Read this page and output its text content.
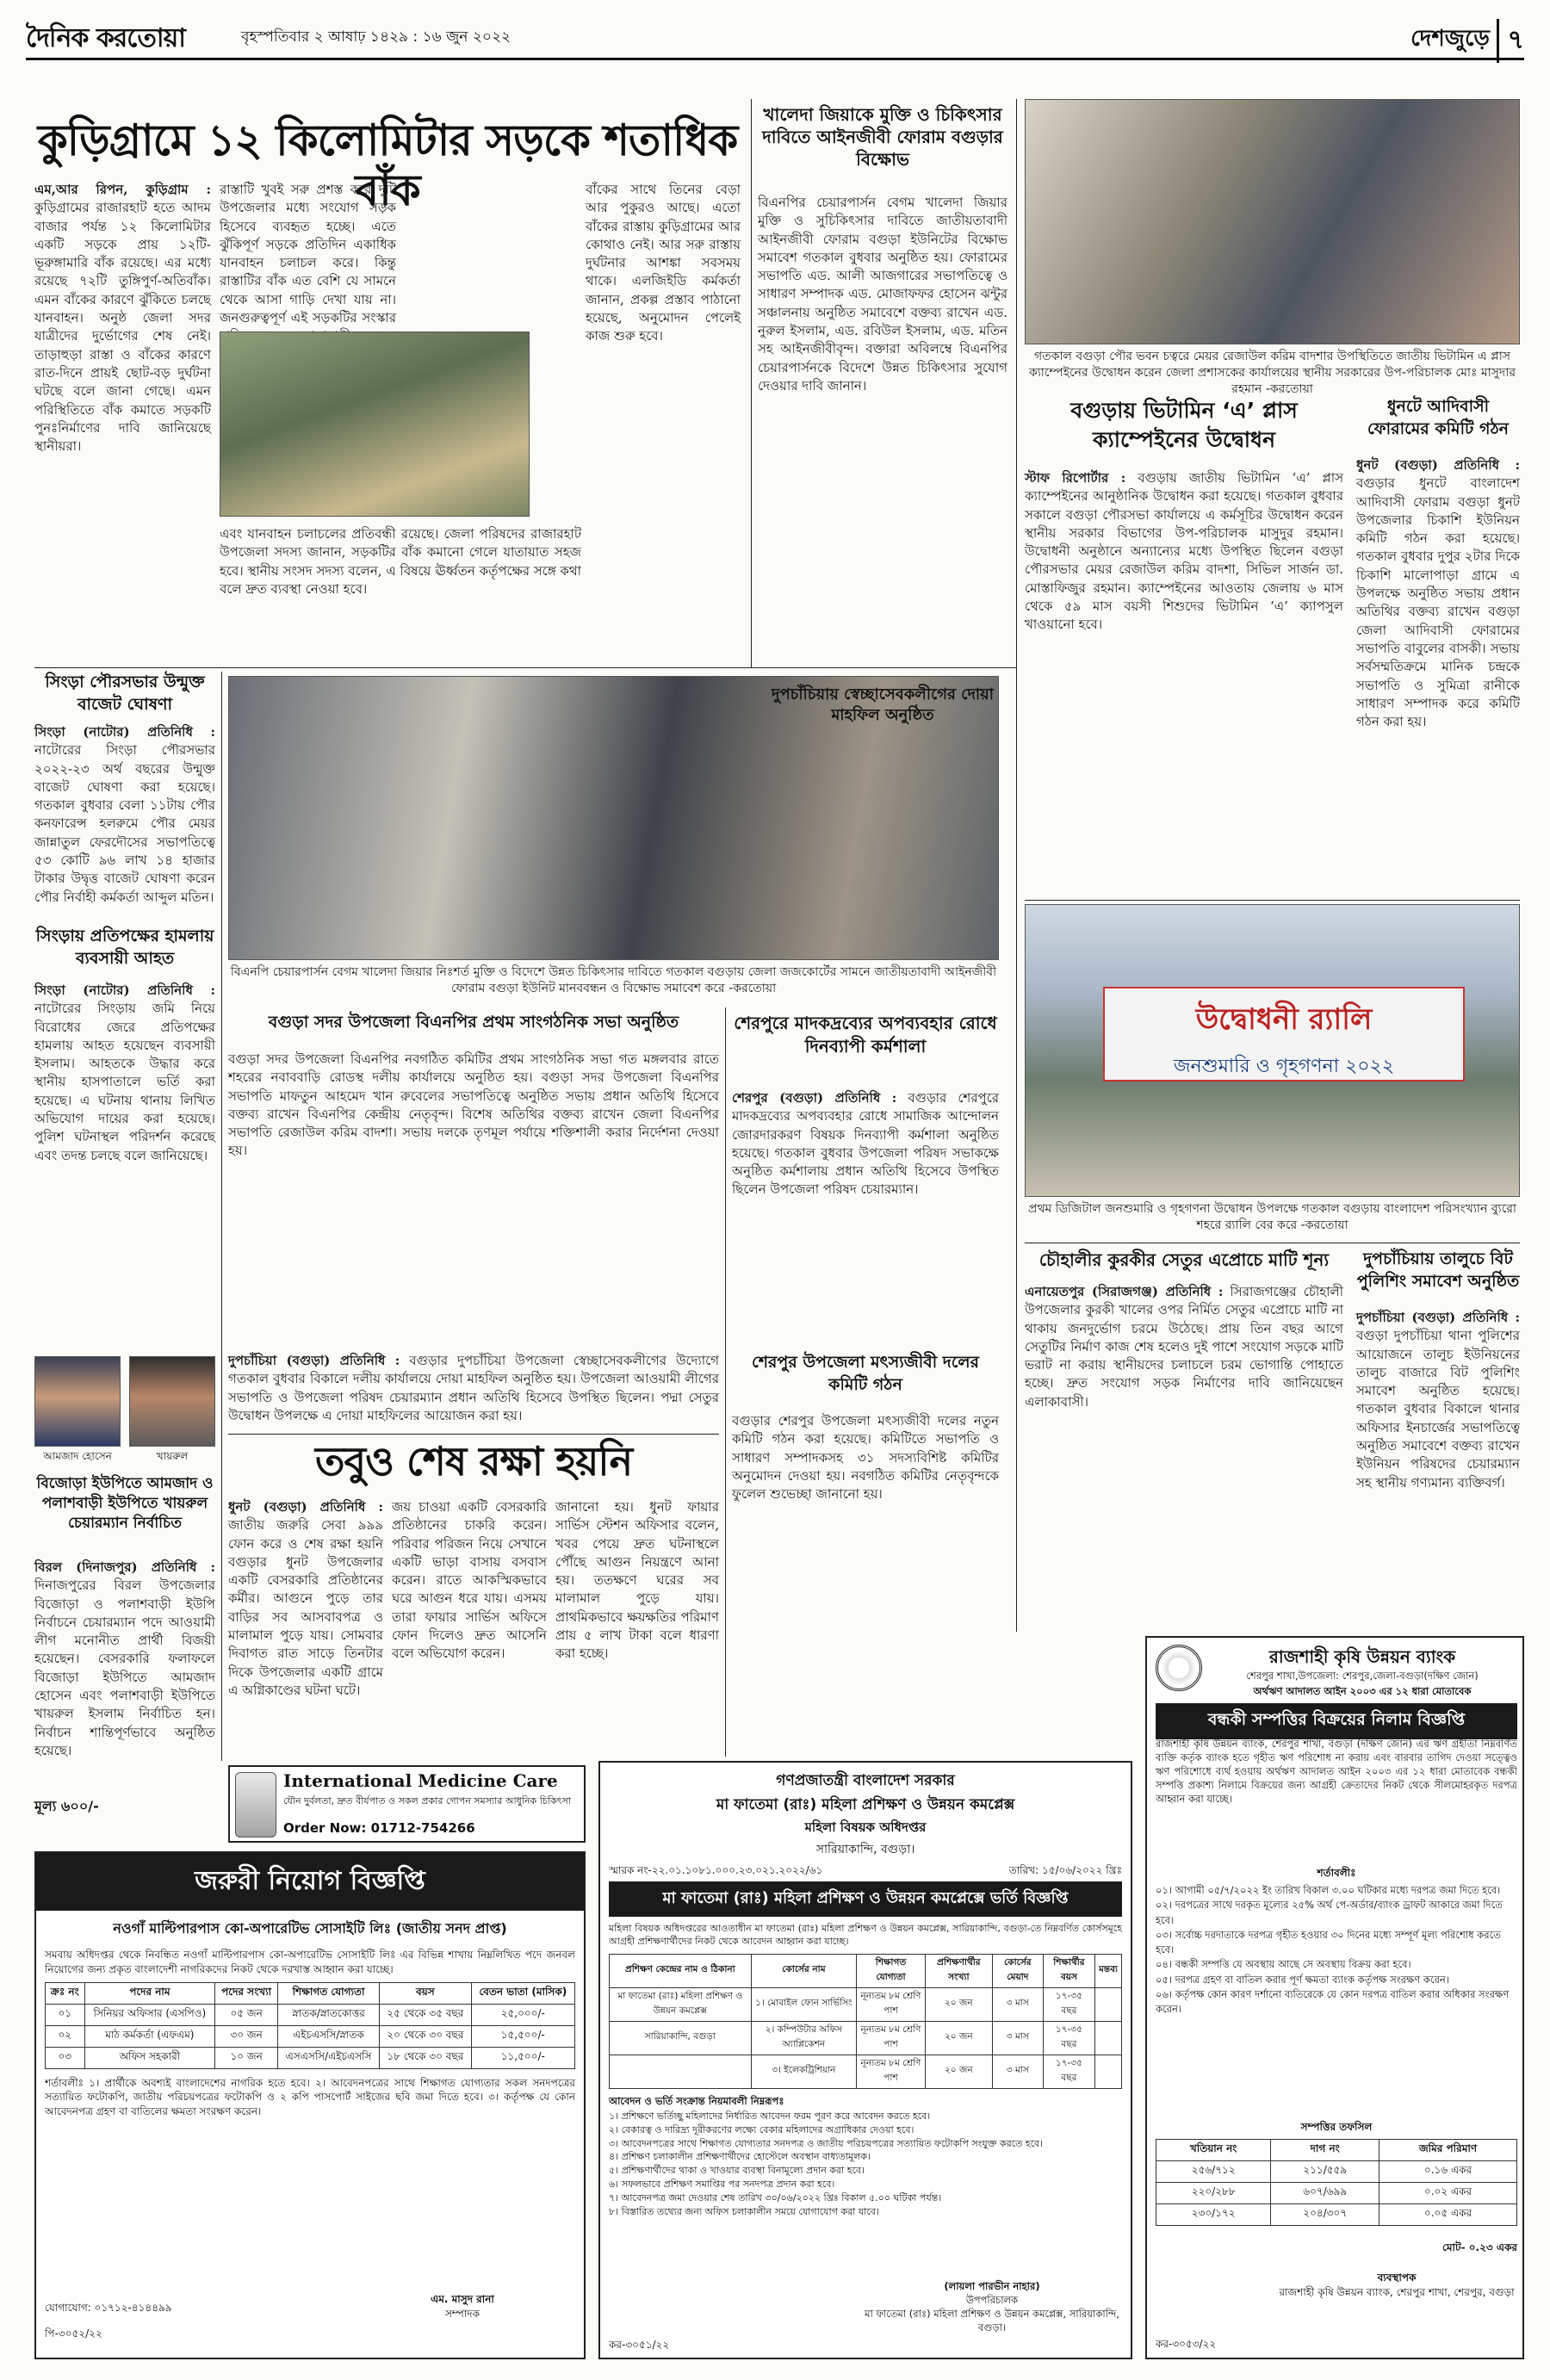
দৈনিক করতোয়া	বৃহস্পতিবার ২ আষাঢ় ১৪২৯ : ১৬ জুন ২০২২	দেশজুড়ে ৭
কুড়িগ্রামে ১২ কিলোমিটার সড়কে শতাধিক বাঁক

এম,আর রিপন, কুড়িগ্রাম : কুড়িগ্রামের রাজারহাট হতে আদম বাজার পর্যন্ত ১২ কিলোমিটার একটি সড়কে প্রায় ১২টি-ভূরুঙ্গামারি বাঁক রয়েছে। এর মধ্যে রয়েছে ৭২টি তুঙ্গিপুর্ণ-অতিবাঁক। এমন বাঁকের কারণে ঝুঁকিতে চলছে যানবাহন। অনুষ্ঠ জেলা সদর যাত্রীদের দুর্ভোগের শেষ নেই। তাড়াহুড়া রাস্তা ও বাঁকের কারণে রাত-দিনে প্রায়ই ছোট-বড় দুর্ঘটনা ঘটছে বলে জানা গেছে। এমন পরিস্থিতিতে বাঁক কমাতে সড়কটি পুনঃনির্মাণের দাবি জানিয়েছে স্থানীয়রা।

রাস্তাটি খুবই সরু প্রশস্ত করে দুটি উপজেলার মধ্যে সংযোগ সড়ক হিসেবে ব্যবহৃত হচ্ছে। এতে ঝুঁকিপূর্ণ সড়কে প্রতিদিন একাধিক যানবাহন চলাচল করে। কিন্তু রাস্তাটির বাঁক এত বেশি যে সামনে থেকে আসা গাড়ি দেখা যায় না। জনগুরুত্বপূর্ণ এই সড়কটির সংস্কার

এবং যানবাহন চলাচলের প্রতিবন্ধী রয়েছে। জেলা পরিষদের রাজারহাট উপজেলা সদস্য জানান, সড়কটির বাঁক কমানো গেলে যাতায়াত সহজ হবে। স্থানীয় সংসদ সদস্য বলেন, এ বিষয়ে ঊর্ধ্বতন কর্তৃপক্ষের সঙ্গে কথা বলে দ্রুত ব্যবস্থা নেওয়া হবে।

বাঁকের সাথে তিনের বেড়া আর পুকুরও আছে। এতো বাঁকের রাস্তায় কুড়িগ্রামের আর কোথাও নেই। আর সরু রাস্তায় দুর্ঘটনার আশঙ্কা সবসময় থাকে। এলজিইডি কর্মকর্তা জানান, প্রকল্প প্রস্তাব পাঠানো হয়েছে, অনুমোদন পেলেই কাজ শুরু হবে।

খালেদা জিয়াকে মুক্তি ও চিকিৎসার দাবিতে আইনজীবী ফোরাম বগুড়ার বিক্ষোভ

বিএনপির চেয়ারপার্সন বেগম খালেদা জিয়ার মুক্তি ও সুচিকিৎসার দাবিতে জাতীয়তাবাদী আইনজীবী ফোরাম বগুড়া ইউনিটের বিক্ষোভ সমাবেশ গতকাল বুধবার অনুষ্ঠিত হয়। ফোরামের সভাপতি এড. আলী আজগারের সভাপতিত্বে ও সাধারণ সম্পাদক এড. মোজাফফর হোসেন ঝন্টুর সঞ্চালনায় অনুষ্ঠিত সমাবেশে বক্তব্য রাখেন এড. নুরুল ইসলাম, এড. রবিউল ইসলাম, এড. মতিন সহ আইনজীবীবৃন্দ। বক্তারা অবিলম্বে বিএনপির চেয়ারপার্সনকে বিদেশে উন্নত চিকিৎসার সুযোগ দেওয়ার দাবি জানান।

গতকাল বগুড়া পৌর ভবন চত্বরে মেয়র রেজাউল করিম বাদশার উপস্থিতিতে জাতীয় ভিটামিন এ প্লাস ক্যাম্পেইনের উদ্বোধন করেন জেলা প্রশাসকের কার্যালয়ের স্থানীয় সরকারের উপ-পরিচালক মোঃ মাসুদার রহমান -করতোয়া
বগুড়ায় ভিটামিন ‘এ’ প্লাস ক্যাম্পেইনের উদ্বোধন

স্টাফ রিপোর্টার : বগুড়ায় জাতীয় ভিটামিন ‘এ’ প্লাস ক্যাম্পেইনের আনুষ্ঠানিক উদ্বোধন করা হয়েছে। গতকাল বুধবার সকালে বগুড়া পৌরসভা কার্যালয়ে এ কর্মসূচির উদ্বোধন করেন স্থানীয় সরকার বিভাগের উপ-পরিচালক মাসুদুর রহমান। উদ্বোধনী অনুষ্ঠানে অন্যান্যের মধ্যে উপস্থিত ছিলেন বগুড়া পৌরসভার মেয়র রেজাউল করিম বাদশা, সিভিল সার্জন ডা. মোস্তাফিজুর রহমান। ক্যাম্পেইনের আওতায় জেলায় ৬ মাস থেকে ৫৯ মাস বয়সী শিশুদের ভিটামিন ‘এ’ ক্যাপসুল খাওয়ানো হবে।

ধুনটে আদিবাসী ফোরামের কমিটি গঠন

ধুনট (বগুড়া) প্রতিনিধি : বগুড়ার ধুনটে বাংলাদেশ আদিবাসী ফোরাম বগুড়া ধুনট উপজেলার চিকাশি ইউনিয়ন কমিটি গঠন করা হয়েছে। গতকাল বুধবার দুপুর ২টার দিকে চিকাশি মালোপাড়া গ্রামে এ উপলক্ষে অনুষ্ঠিত সভায় প্রধান অতিথির বক্তব্য রাখেন বগুড়া জেলা আদিবাসী ফোরামের সভাপতি বাবুলের বাসকী। সভায় সর্বসম্মতিক্রমে মানিক চন্দ্রকে সভাপতি ও সুমিত্রা রানীকে সাধারণ সম্পাদক করে কমিটি গঠন করা হয়।

সিংড়া পৌরসভার উন্মুক্ত বাজেট ঘোষণা

সিংড়া (নাটোর) প্রতিনিধি : নাটোরের সিংড়া পৌরসভার ২০২২-২৩ অর্থ বছরের উন্মুক্ত বাজেট ঘোষণা করা হয়েছে। গতকাল বুধবার বেলা ১১টায় পৌর কনফারেন্স হলরুমে পৌর মেয়র জান্নাতুল ফেরদৌসের সভাপতিত্বে ৫৩ কোটি ৯৬ লাখ ১৪ হাজার টাকার উদ্বৃত্ত বাজেট ঘোষণা করেন পৌর নির্বাহী কর্মকর্তা আব্দুল মতিন।

বিএনপি চেয়ারপার্সন বেগম খালেদা জিয়ার নিঃশর্ত মুক্তি ও বিদেশে উন্নত চিকিৎসার দাবিতে গতকাল বগুড়ায় জেলা জজকোর্টের সামনে জাতীয়তাবাদী আইনজীবী ফোরাম বগুড়া ইউনিট মানববন্ধন ও বিক্ষোভ সমাবেশ করে -করতোয়া
সিংড়ায় প্রতিপক্ষের হামলায় ব্যবসায়ী আহত

সিংড়া (নাটোর) প্রতিনিধি : নাটোরের সিংড়ায় জমি নিয়ে বিরোধের জেরে প্রতিপক্ষের হামলায় আহত হয়েছেন ব্যবসায়ী ইসলাম। আহতকে উদ্ধার করে স্থানীয় হাসপাতালে ভর্তি করা হয়েছে। এ ঘটনায় থানায় লিখিত অভিযোগ দায়ের করা হয়েছে। পুলিশ ঘটনাস্থল পরিদর্শন করেছে এবং তদন্ত চলছে বলে জানিয়েছে।

বগুড়া সদর উপজেলা বিএনপির প্রথম সাংগঠনিক সভা অনুষ্ঠিত

বগুড়া সদর উপজেলা বিএনপির নবগঠিত কমিটির প্রথম সাংগঠনিক সভা গত মঙ্গলবার রাতে শহরের নবাববাড়ি রোডস্থ দলীয় কার্যালয়ে অনুষ্ঠিত হয়। বগুড়া সদর উপজেলা বিএনপির সভাপতি মাফতুন আহমেদ খান রুবেলের সভাপতিত্বে অনুষ্ঠিত সভায় প্রধান অতিথি হিসেবে বক্তব্য রাখেন বিএনপির কেন্দ্রীয় নেতৃবৃন্দ। বিশেষ অতিথির বক্তব্য রাখেন জেলা বিএনপির সভাপতি রেজাউল করিম বাদশা। সভায় দলকে তৃণমূল পর্যায়ে শক্তিশালী করার নির্দেশনা দেওয়া হয়।

শেরপুরে মাদকদ্রব্যের অপব্যবহার রোধে দিনব্যাপী কর্মশালা

শেরপুর (বগুড়া) প্রতিনিধি : বগুড়ার শেরপুরে মাদকদ্রব্যের অপব্যবহার রোধে সামাজিক আন্দোলন জোরদারকরণ বিষয়ক দিনব্যাপী কর্মশালা অনুষ্ঠিত হয়েছে। গতকাল বুধবার উপজেলা পরিষদ সভাকক্ষে অনুষ্ঠিত কর্মশালায় প্রধান অতিথি হিসেবে উপস্থিত ছিলেন উপজেলা পরিষদ চেয়ারম্যান।

দুপচাঁচিয়ায় স্বেচ্ছাসেবকলীগের দোয়া মাহফিল অনুষ্ঠিত
উদ্বোধনী র‍্যালি
জনশুমারি ও গৃহগণনা ২০২২
প্রথম ডিজিটাল জনশুমারি ও গৃহগণনা উদ্বোধন উপলক্ষে গতকাল বগুড়ায় বাংলাদেশ পরিসংখ্যান ব্যুরো শহরে র‍্যালি বের করে -করতোয়া
চৌহালীর কুরকীর সেতুর এপ্রোচে মাটি শূন্য

এনায়েতপুর (সিরাজগঞ্জ) প্রতিনিধি : সিরাজগঞ্জের চৌহালী উপজেলার কুরকী খালের ওপর নির্মিত সেতুর এপ্রোচে মাটি না থাকায় জনদুর্ভোগ চরমে উঠেছে। প্রায় তিন বছর আগে সেতুটির নির্মাণ কাজ শেষ হলেও দুই পাশে সংযোগ সড়কে মাটি ভরাট না করায় স্থানীয়দের চলাচলে চরম ভোগান্তি পোহাতে হচ্ছে। দ্রুত সংযোগ সড়ক নির্মাণের দাবি জানিয়েছেন এলাকাবাসী।

দুপচাঁচিয়ায় তালুচে বিট পুলিশিং সমাবেশ অনুষ্ঠিত

দুপচাঁচিয়া (বগুড়া) প্রতিনিধি : বগুড়া দুপচাঁচিয়া থানা পুলিশের আয়োজনে তালুচ ইউনিয়নের তালুচ বাজারে বিট পুলিশিং সমাবেশ অনুষ্ঠিত হয়েছে। গতকাল বুধবার বিকালে থানার অফিসার ইনচার্জের সভাপতিত্বে অনুষ্ঠিত সমাবেশে বক্তব্য রাখেন ইউনিয়ন পরিষদের চেয়ারম্যান সহ স্থানীয় গণ্যমান্য ব্যক্তিবর্গ।

শেরপুর উপজেলা মৎস্যজীবী দলের কমিটি গঠন

বগুড়ার শেরপুর উপজেলা মৎস্যজীবী দলের নতুন কমিটি গঠন করা হয়েছে। কমিটিতে সভাপতি ও সাধারণ সম্পাদকসহ ৩১ সদস্যবিশিষ্ট কমিটির অনুমোদন দেওয়া হয়। নবগঠিত কমিটির নেতৃবৃন্দকে ফুলেল শুভেচ্ছা জানানো হয়।

দুপচাঁচিয়া (বগুড়া) প্রতিনিধি : বগুড়ার দুপচাঁচিয়া উপজেলা স্বেচ্ছাসেবকলীগের উদ্যোগে গতকাল বুধবার বিকালে দলীয় কার্যালয়ে দোয়া মাহফিল অনুষ্ঠিত হয়। উপজেলা আওয়ামী লীগের সভাপতি ও উপজেলা পরিষদ চেয়ারম্যান প্রধান অতিথি হিসেবে উপস্থিত ছিলেন। পদ্মা সেতুর উদ্বোধন উপলক্ষে এ দোয়া মাহফিলের আয়োজন করা হয়।

তবুও শেষ রক্ষা হয়নি

ধুনট (বগুড়া) প্রতিনিধি : জাতীয় জরুরি সেবা ৯৯৯ ফোন করে ও শেষ রক্ষা হয়নি বগুড়ার ধুনট উপজেলার একটি বেসরকারি প্রতিষ্ঠানের কর্মীর। আগুনে পুড়ে তার বাড়ির সব আসবাবপত্র ও মালামাল পুড়ে যায়। সোমবার দিবাগত রাত সাড়ে তিনটার দিকে উপজেলার একটি গ্রামে এ অগ্নিকাণ্ডের ঘটনা ঘটে।

জয় চাওয়া একটি বেসরকারি প্রতিষ্ঠানের চাকরি করেন। পরিবার পরিজন নিয়ে সেখানে একটি ভাড়া বাসায় বসবাস করেন। রাতে আকস্মিকভাবে ঘরে আগুন ধরে যায়। এসময় তারা ফায়ার সার্ভিস অফিসে ফোন দিলেও দ্রুত আসেনি বলে অভিযোগ করেন।

জানানো হয়। ধুনট ফায়ার সার্ভিস স্টেশন অফিসার বলেন, খবর পেয়ে দ্রুত ঘটনাস্থলে পৌঁছে আগুন নিয়ন্ত্রণে আনা হয়। ততক্ষণে ঘরের সব মালামাল পুড়ে যায়। প্রাথমিকভাবে ক্ষয়ক্ষতির পরিমাণ প্রায় ৫ লাখ টাকা বলে ধারণা করা হচ্ছে।

আমজাদ হোসেন	খায়রুল
বিজোড়া ইউপিতে আমজাদ ও পলাশবাড়ী ইউপিতে খায়রুল চেয়ারম্যান নির্বাচিত

বিরল (দিনাজপুর) প্রতিনিধি : দিনাজপুরের বিরল উপজেলার বিজোড়া ও পলাশবাড়ী ইউপি নির্বাচনে চেয়ারম্যান পদে আওয়ামী লীগ মনোনীত প্রার্থী বিজয়ী হয়েছেন। বেসরকারি ফলাফলে বিজোড়া ইউপিতে আমজাদ হোসেন এবং পলাশবাড়ী ইউপিতে খায়রুল ইসলাম নির্বাচিত হন। নির্বাচন শান্তিপূর্ণভাবে অনুষ্ঠিত হয়েছে।

International Medicine Care
যৌন দুর্বলতা, দ্রুত বীর্যপাত ও সকল প্রকার গোপন সমস্যার আধুনিক চিকিৎসা
Order Now: 01712-754266
মূল্য ৬০০/-
জরুরী নিয়োগ বিজ্ঞপ্তি
নওগাঁ মাল্টিপারপাস কো-অপারেটিভ সোসাইটি লিঃ (জাতীয় সনদ প্রাপ্ত)
সমবায় অধিদপ্তর থেকে নিবন্ধিত নওগাঁ মাল্টিপারপাস কো-অপারেটিভ সোসাইটি লিঃ এর বিভিন্ন শাখায় নিম্নলিখিত পদে জনবল নিয়োগের জন্য প্রকৃত বাংলাদেশী নাগরিকদের নিকট থেকে দরখাস্ত আহ্বান করা যাচ্ছে।
ক্রঃ নং	পদের নাম	পদের সংখ্যা	শিক্ষাগত যোগ্যতা	বয়স	বেতন ভাতা (মাসিক)
০১	সিনিয়র অফিসার (এসপিও)	০৫ জন	স্নাতক/স্নাতকোত্তর	২৫ থেকে ৩৫ বছর	২৫,০০০/-
০২	মাঠ কর্মকর্তা (এফএম)	৩০ জন	এইচএসসি/স্নাতক	২০ থেকে ৩০ বছর	১৫,৫০০/-
০৩	অফিস সহকারী	১০ জন	এসএসসি/এইচএসসি	১৮ থেকে ৩০ বছর	১১,৫০০/-
শর্তাবলীঃ ১। প্রার্থীকে অবশ্যই বাংলাদেশের নাগরিক হতে হবে। ২। আবেদনপত্রের সাথে শিক্ষাগত যোগ্যতার সকল সনদপত্রের সত্যায়িত ফটোকপি, জাতীয় পরিচয়পত্রের ফটোকপি ও ২ কপি পাসপোর্ট সাইজের ছবি জমা দিতে হবে। ৩। কর্তৃপক্ষ যে কোন আবেদনপত্র গ্রহণ বা বাতিলের ক্ষমতা সংরক্ষণ করেন।
যোগাযোগ: ০১৭১২-৪১৪৪৯৯
পি-৩০৫২/২২
এম. মাসুদ রানা
সম্পাদক
গণপ্রজাতন্ত্রী বাংলাদেশ সরকার
মা ফাতেমা (রাঃ) মহিলা প্রশিক্ষণ ও উন্নয়ন কমপ্লেক্স
মহিলা বিষয়ক অধিদপ্তর
সারিয়াকান্দি, বগুড়া।
স্মারক নং-২২.০১.১০৮১.০০০.২৩.০২১.২০২২/৬১	তারিখ: ১৫/০৬/২০২২ খ্রিঃ
মা ফাতেমা (রাঃ) মহিলা প্রশিক্ষণ ও উন্নয়ন কমপ্লেক্সে ভর্তি বিজ্ঞপ্তি
মহিলা বিষয়ক অধিদপ্তরের আওতাধীন মা ফাতেমা (রাঃ) মহিলা প্রশিক্ষণ ও উন্নয়ন কমপ্লেক্স, সারিয়াকান্দি, বগুড়া-তে নিম্নবর্ণিত কোর্সসমূহে আগ্রহী প্রশিক্ষণার্থীদের নিকট থেকে আবেদন আহ্বান করা যাচ্ছে।
প্রশিক্ষণ কেন্দ্রের নাম ও ঠিকানা	কোর্সের নাম	শিক্ষাগত যোগ্যতা	প্রশিক্ষণার্থীর সংখ্যা	কোর্সের মেয়াদ	শিক্ষার্থীর বয়স	মন্তব্য
মা ফাতেমা (রাঃ) মহিলা প্রশিক্ষণ ও উন্নয়ন কমপ্লেক্স	১। মোবাইল ফোন সার্ভিসিং	নূন্যতম ৮ম শ্রেণি পাশ	২০ জন	৩ মাস	১৭-৩৫ বছর	
সারিয়াকান্দি, বগুড়া	২। কম্পিউটার অফিস অ্যাপ্লিকেশন	নূন্যতম ৮ম শ্রেণি পাশ	২০ জন	৩ মাস	১৭-৩৫ বছর	
	৩। ইলেকট্রিশিয়ান	নূন্যতম ৮ম শ্রেণি পাশ	২০ জন	৩ মাস	১৭-৩৫ বছর	
আবেদন ও ভর্তি সংক্রান্ত নিয়মাবলী নিম্নরূপঃ
১। প্রশিক্ষণে ভর্তিচ্ছু মহিলাদের নির্ধারিত আবেদন ফরম পূরণ করে আবেদন করতে হবে।
২। বেকারত্ব ও দারিদ্র্য দূরীকরণের লক্ষ্যে বেকার মহিলাদের অগ্রাধিকার দেওয়া হবে।
৩। আবেদনপত্রের সাথে শিক্ষাগত যোগ্যতার সনদপত্র ও জাতীয় পরিচয়পত্রের সত্যায়িত ফটোকপি সংযুক্ত করতে হবে।
৪। প্রশিক্ষণ চলাকালীন প্রশিক্ষণার্থীদের হোস্টেলে অবস্থান বাধ্যতামূলক।
৫। প্রশিক্ষণার্থীদের থাকা ও খাওয়ার ব্যবস্থা বিনামূল্যে প্রদান করা হবে।
৬। সফলভাবে প্রশিক্ষণ সমাপ্তির পর সনদপত্র প্রদান করা হবে।
৭। আবেদনপত্র জমা দেওয়ার শেষ তারিখ ৩০/০৬/২০২২ খ্রিঃ বিকাল ৫.০০ ঘটিকা পর্যন্ত।
৮। বিস্তারিত তথ্যের জন্য অফিস চলাকালীন সময়ে যোগাযোগ করা যাবে।
(লায়লা পারভীন নাহার)
উপপরিচালক
মা ফাতেমা (রাঃ) মহিলা প্রশিক্ষণ ও উন্নয়ন কমপ্লেক্স, সারিয়াকান্দি, বগুড়া।
কর-৩০৫১/২২
রাজশাহী কৃষি উন্নয়ন ব্যাংক
শেরপুর শাখা,উপজেলা: শেরপুর,জেলা-বগুড়া(দক্ষিণ জোন)
অর্থঋণ আদালত আইন ২০০৩ এর ১২ ধারা মোতাবেক
বন্ধকী সম্পত্তির বিক্রয়ের নিলাম বিজ্ঞপ্তি
রাজশাহী কৃষি উন্নয়ন ব্যাংক, শেরপুর শাখা, বগুড়া (দক্ষিণ জোন) এর ঋণ গ্রহীতা নিম্নবর্ণিত ব্যক্তি কর্তৃক ব্যাংক হতে গৃহীত ঋণ পরিশোধ না করায় এবং বারবার তাগিদ দেওয়া সত্ত্বেও ঋণ পরিশোধে ব্যর্থ হওয়ায় অর্থঋণ আদালত আইন ২০০৩ এর ১২ ধারা মোতাবেক বন্ধকী সম্পত্তি প্রকাশ্য নিলামে বিক্রয়ের জন্য আগ্রহী ক্রেতাদের নিকট থেকে সীলমোহরকৃত দরপত্র আহ্বান করা যাচ্ছে।
শর্তাবলীঃ
০১। আগামী ০৫/৭/২০২২ ইং তারিখ বিকাল ৩.০০ ঘটিকার মধ্যে দরপত্র জমা দিতে হবে।
০২। দরপত্রের সাথে দরকৃত মূল্যের ২৫% অর্থ পে-অর্ডার/ব্যাংক ড্রাফট আকারে জমা দিতে হবে।
০৩। সর্বোচ্চ দরদাতাকে দরপত্র গৃহীত হওয়ার ৩০ দিনের মধ্যে সম্পূর্ণ মূল্য পরিশোধ করতে হবে।
০৪। বন্ধকী সম্পত্তি যে অবস্থায় আছে সে অবস্থায় বিক্রয় করা হবে।
০৫। দরপত্র গ্রহণ বা বাতিল করার পূর্ণ ক্ষমতা ব্যাংক কর্তৃপক্ষ সংরক্ষণ করেন।
০৬। কর্তৃপক্ষ কোন কারণ দর্শানো ব্যতিরেকে যে কোন দরপত্র বাতিল করার অধিকার সংরক্ষণ করেন।
সম্পত্তির তফসিল
খতিয়ান নং	দাগ নং	জমির পরিমাণ
২৫৬/৭১২	২১১/৫৫৯	০.১৬ একর
২২০/২৮৮	৬০৭/৬৯৯	০.০২ একর
২৩০/১৭২	২০৪/৩০৭	০.০৫ একর
মোট- ০.২৩ একর
ব্যবস্থাপক
রাজশাহী কৃষি উন্নয়ন ব্যাংক, শেরপুর শাখা, শেরপুর, বগুড়া
কর-৩০৫৩/২২
